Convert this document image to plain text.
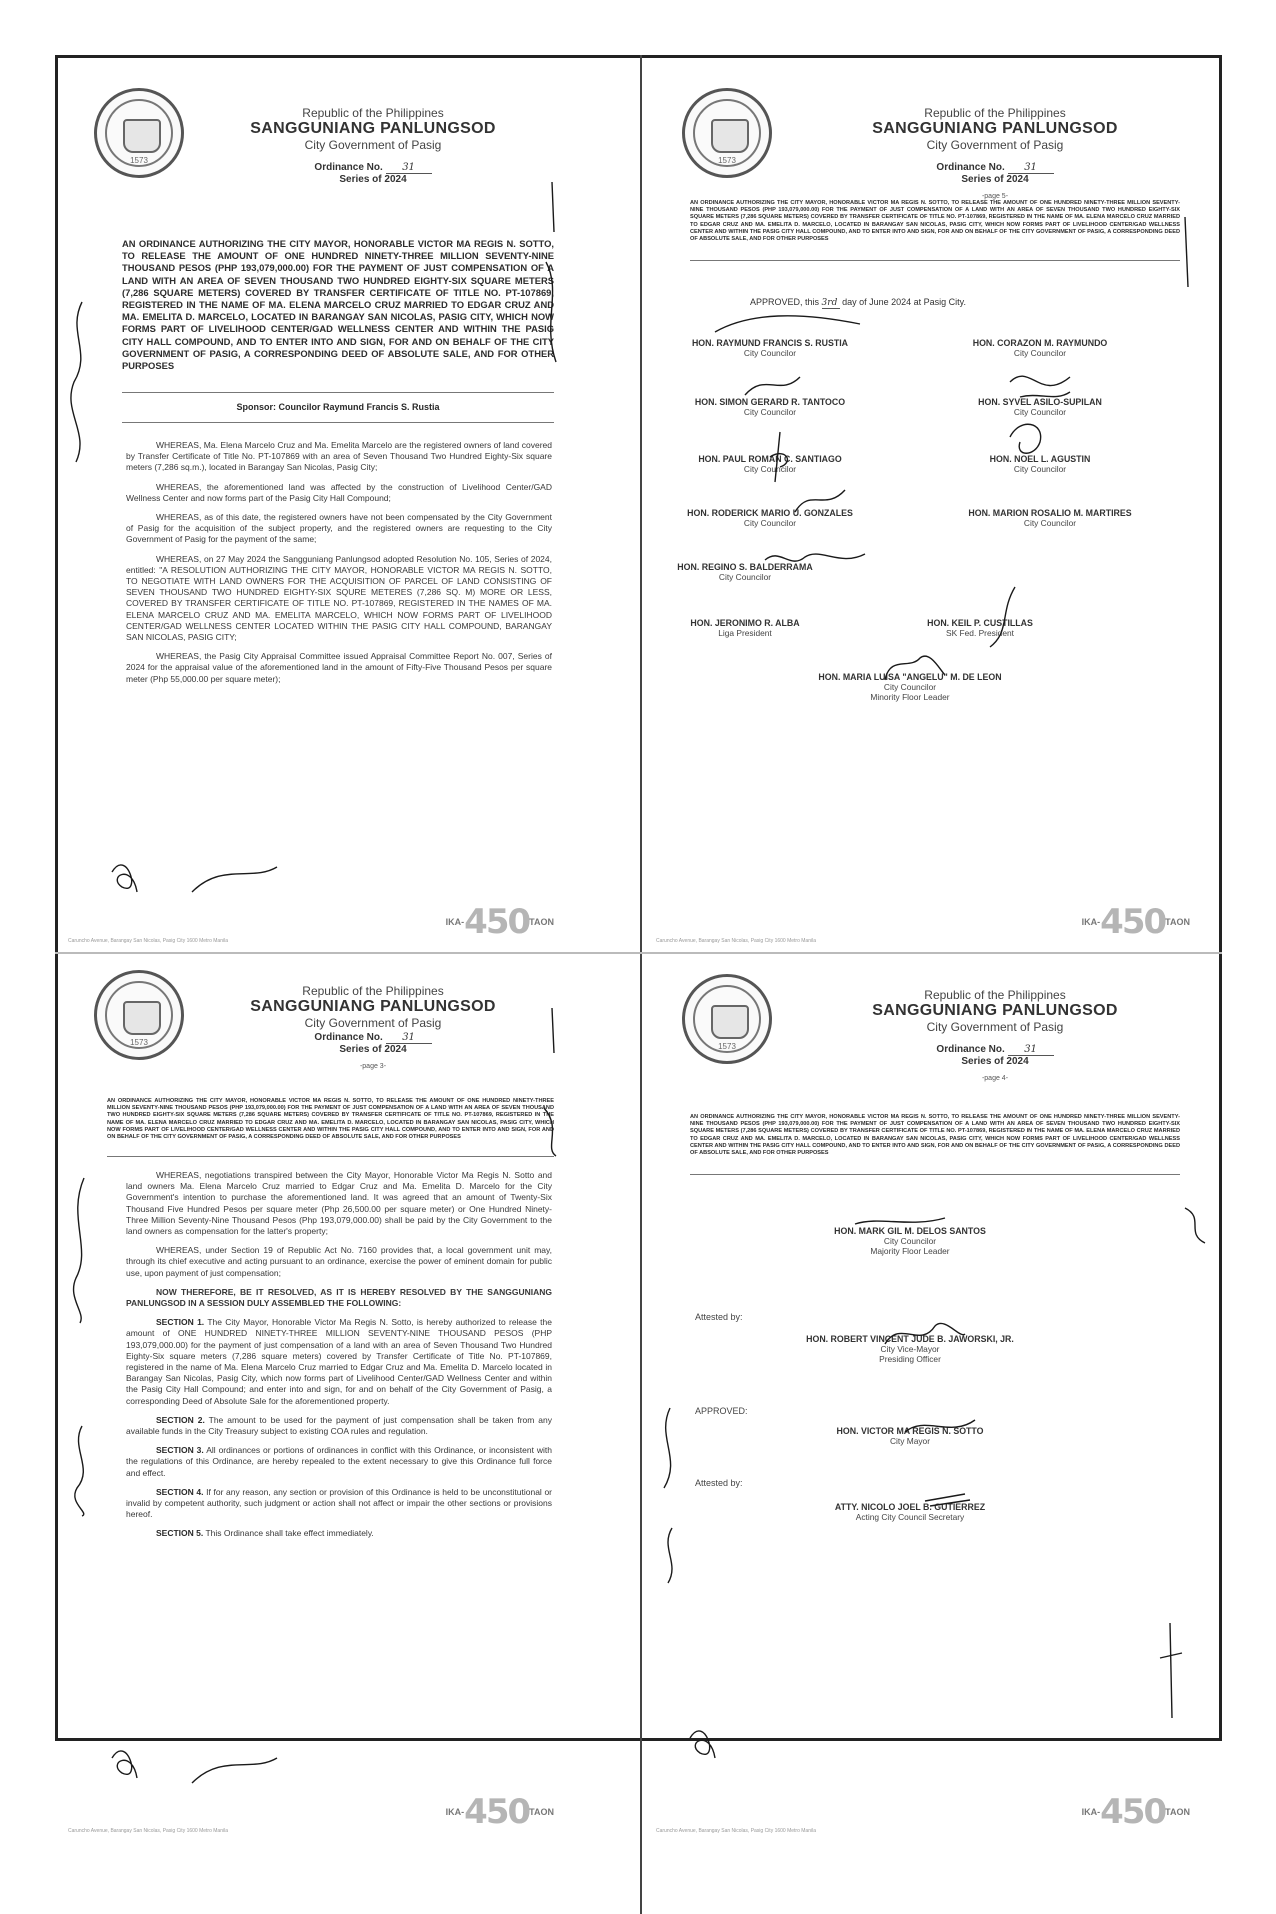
1573
Republic of the Philippines
SANGGUNIANG PANLUNGSOD
City Government of Pasig
Ordinance No. 31
Series of 2024
AN ORDINANCE AUTHORIZING THE CITY MAYOR, HONORABLE VICTOR MA REGIS N. SOTTO, TO RELEASE THE AMOUNT OF ONE HUNDRED NINETY-THREE MILLION SEVENTY-NINE THOUSAND PESOS (PHP 193,079,000.00) FOR THE PAYMENT OF JUST COMPENSATION OF A LAND WITH AN AREA OF SEVEN THOUSAND TWO HUNDRED EIGHTY-SIX SQUARE METERS (7,286 SQUARE METERS) COVERED BY TRANSFER CERTIFICATE OF TITLE NO. PT-107869, REGISTERED IN THE NAME OF MA. ELENA MARCELO CRUZ MARRIED TO EDGAR CRUZ AND MA. EMELITA D. MARCELO, LOCATED IN BARANGAY SAN NICOLAS, PASIG CITY, WHICH NOW FORMS PART OF LIVELIHOOD CENTER/GAD WELLNESS CENTER AND WITHIN THE PASIG CITY HALL COMPOUND, AND TO ENTER INTO AND SIGN, FOR AND ON BEHALF OF THE CITY GOVERNMENT OF PASIG, A CORRESPONDING DEED OF ABSOLUTE SALE, AND FOR OTHER PURPOSES
Sponsor: Councilor Raymund Francis S. Rustia

WHEREAS, Ma. Elena Marcelo Cruz and Ma. Emelita Marcelo are the registered owners of land covered by Transfer Certificate of Title No. PT-107869 with an area of Seven Thousand Two Hundred Eighty-Six square meters (7,286 sq.m.), located in Barangay San Nicolas, Pasig City;

WHEREAS, the aforementioned land was affected by the construction of Livelihood Center/GAD Wellness Center and now forms part of the Pasig City Hall Compound;

WHEREAS, as of this date, the registered owners have not been compensated by the City Government of Pasig for the acquisition of the subject property, and the registered owners are requesting to the City Government of Pasig for the payment of the same;

WHEREAS, on 27 May 2024 the Sangguniang Panlungsod adopted Resolution No. 105, Series of 2024, entitled: "A RESOLUTION AUTHORIZING THE CITY MAYOR, HONORABLE VICTOR MA REGIS N. SOTTO, TO NEGOTIATE WITH LAND OWNERS FOR THE ACQUISITION OF PARCEL OF LAND CONSISTING OF SEVEN THOUSAND TWO HUNDRED EIGHTY-SIX SQURE METERES (7,286 SQ. M) MORE OR LESS, COVERED BY TRANSFER CERTIFICATE OF TITLE NO. PT-107869, REGISTERED IN THE NAMES OF MA. ELENA MARCELO CRUZ AND MA. EMELITA MARCELO, WHICH NOW FORMS PART OF LIVELIHOOD CENTER/GAD WELLNESS CENTER LOCATED WITHIN THE PASIG CITY HALL COMPOUND, BARANGAY SAN NICOLAS, PASIG CITY;

WHEREAS, the Pasig City Appraisal Committee issued Appraisal Committee Report No. 007, Series of 2024 for the appraisal value of the aforementioned land in the amount of Fifty-Five Thousand Pesos per square meter (Php 55,000.00 per square meter);

Caruncho Avenue, Barangay San Nicolas, Pasig City 1600 Metro Manila
IKA-450TAON
1573
Republic of the Philippines
SANGGUNIANG PANLUNGSOD
City Government of Pasig
Ordinance No. 31
Series of 2024
-page 5-
AN ORDINANCE AUTHORIZING THE CITY MAYOR, HONORABLE VICTOR MA REGIS N. SOTTO, TO RELEASE THE AMOUNT OF ONE HUNDRED NINETY-THREE MILLION SEVENTY-NINE THOUSAND PESOS (PHP 193,079,000.00) FOR THE PAYMENT OF JUST COMPENSATION OF A LAND WITH AN AREA OF SEVEN THOUSAND TWO HUNDRED EIGHTY-SIX SQUARE METERS (7,286 SQUARE METERS) COVERED BY TRANSFER CERTIFICATE OF TITLE NO. PT-107869, REGISTERED IN THE NAME OF MA. ELENA MARCELO CRUZ MARRIED TO EDGAR CRUZ AND MA. EMELITA D. MARCELO, LOCATED IN BARANGAY SAN NICOLAS, PASIG CITY, WHICH NOW FORMS PART OF LIVELIHOOD CENTER/GAD WELLNESS CENTER AND WITHIN THE PASIG CITY HALL COMPOUND, AND TO ENTER INTO AND SIGN, FOR AND ON BEHALF OF THE CITY GOVERNMENT OF PASIG, A CORRESPONDING DEED OF ABSOLUTE SALE, AND FOR OTHER PURPOSES
APPROVED, this 3rd day of June 2024 at Pasig City.
HON. RAYMUND FRANCIS S. RUSTIA
City Councilor
HON. CORAZON M. RAYMUNDO
City Councilor
HON. SIMON GERARD R. TANTOCO
City Councilor
HON. SYVEL ASILO-SUPILAN
City Councilor
HON. PAUL ROMAN C. SANTIAGO
City Councilor
HON. NOEL L. AGUSTIN
City Councilor
HON. RODERICK MARIO U. GONZALES
City Councilor
HON. MARION ROSALIO M. MARTIRES
City Councilor
HON. REGINO S. BALDERRAMA
City Councilor
HON. JERONIMO R. ALBA
Liga President
HON. KEIL P. CUSTILLAS
SK Fed. President
HON. MARIA LUISA "ANGELU" M. DE LEON
City Councilor
Minority Floor Leader
Caruncho Avenue, Barangay San Nicolas, Pasig City 1600 Metro Manila
IKA-450TAON
1573
Republic of the Philippines
SANGGUNIANG PANLUNGSOD
City Government of Pasig
Ordinance No. 31
Series of 2024
-page 3-
AN ORDINANCE AUTHORIZING THE CITY MAYOR, HONORABLE VICTOR MA REGIS N. SOTTO, TO RELEASE THE AMOUNT OF ONE HUNDRED NINETY-THREE MILLION SEVENTY-NINE THOUSAND PESOS (PHP 193,079,000.00) FOR THE PAYMENT OF JUST COMPENSATION OF A LAND WITH AN AREA OF SEVEN THOUSAND TWO HUNDRED EIGHTY-SIX SQUARE METERS (7,286 SQUARE METERS) COVERED BY TRANSFER CERTIFICATE OF TITLE NO. PT-107869, REGISTERED IN THE NAME OF MA. ELENA MARCELO CRUZ MARRIED TO EDGAR CRUZ AND MA. EMELITA D. MARCELO, LOCATED IN BARANGAY SAN NICOLAS, PASIG CITY, WHICH NOW FORMS PART OF LIVELIHOOD CENTER/GAD WELLNESS CENTER AND WITHIN THE PASIG CITY HALL COMPOUND, AND TO ENTER INTO AND SIGN, FOR AND ON BEHALF OF THE CITY GOVERNMENT OF PASIG, A CORRESPONDING DEED OF ABSOLUTE SALE, AND FOR OTHER PURPOSES

WHEREAS, negotiations transpired between the City Mayor, Honorable Victor Ma Regis N. Sotto and land owners Ma. Elena Marcelo Cruz married to Edgar Cruz and Ma. Emelita D. Marcelo for the City Government's intention to purchase the aforementioned land. It was agreed that an amount of Twenty-Six Thousand Five Hundred Pesos per square meter (Php 26,500.00 per square meter) or One Hundred Ninety-Three Million Seventy-Nine Thousand Pesos (Php 193,079,000.00) shall be paid by the City Government to the land owners as compensation for the latter's property;

WHEREAS, under Section 19 of Republic Act No. 7160 provides that, a local government unit may, through its chief executive and acting pursuant to an ordinance, exercise the power of eminent domain for public use, upon payment of just compensation;

NOW THEREFORE, BE IT RESOLVED, AS IT IS HEREBY RESOLVED BY THE SANGGUNIANG PANLUNGSOD IN A SESSION DULY ASSEMBLED THE FOLLOWING:

SECTION 1. The City Mayor, Honorable Victor Ma Regis N. Sotto, is hereby authorized to release the amount of ONE HUNDRED NINETY-THREE MILLION SEVENTY-NINE THOUSAND PESOS (PHP 193,079,000.00) for the payment of just compensation of a land with an area of Seven Thousand Two Hundred Eighty-Six square meters (7,286 square meters) covered by Transfer Certificate of Title No. PT-107869, registered in the name of Ma. Elena Marcelo Cruz married to Edgar Cruz and Ma. Emelita D. Marcelo located in Barangay San Nicolas, Pasig City, which now forms part of Livelihood Center/GAD Wellness Center and within the Pasig City Hall Compound; and enter into and sign, for and on behalf of the City Government of Pasig, a corresponding Deed of Absolute Sale for the aforementioned property.

SECTION 2. The amount to be used for the payment of just compensation shall be taken from any available funds in the City Treasury subject to existing COA rules and regulation.

SECTION 3. All ordinances or portions of ordinances in conflict with this Ordinance, or inconsistent with the regulations of this Ordinance, are hereby repealed to the extent necessary to give this Ordinance full force and effect.

SECTION 4. If for any reason, any section or provision of this Ordinance is held to be unconstitutional or invalid by competent authority, such judgment or action shall not affect or impair the other sections or provisions hereof.

SECTION 5. This Ordinance shall take effect immediately.

Caruncho Avenue, Barangay San Nicolas, Pasig City 1600 Metro Manila
IKA-450TAON
1573
Republic of the Philippines
SANGGUNIANG PANLUNGSOD
City Government of Pasig
Ordinance No. 31
Series of 2024
-page 4-
AN ORDINANCE AUTHORIZING THE CITY MAYOR, HONORABLE VICTOR MA REGIS N. SOTTO, TO RELEASE THE AMOUNT OF ONE HUNDRED NINETY-THREE MILLION SEVENTY-NINE THOUSAND PESOS (PHP 193,079,000.00) FOR THE PAYMENT OF JUST COMPENSATION OF A LAND WITH AN AREA OF SEVEN THOUSAND TWO HUNDRED EIGHTY-SIX SQUARE METERS (7,286 SQUARE METERS) COVERED BY TRANSFER CERTIFICATE OF TITLE NO. PT-107869, REGISTERED IN THE NAME OF MA. ELENA MARCELO CRUZ MARRIED TO EDGAR CRUZ AND MA. EMELITA D. MARCELO, LOCATED IN BARANGAY SAN NICOLAS, PASIG CITY, WHICH NOW FORMS PART OF LIVELIHOOD CENTER/GAD WELLNESS CENTER AND WITHIN THE PASIG CITY HALL COMPOUND, AND TO ENTER INTO AND SIGN, FOR AND ON BEHALF OF THE CITY GOVERNMENT OF PASIG, A CORRESPONDING DEED OF ABSOLUTE SALE, AND FOR OTHER PURPOSES
HON. MARK GIL M. DELOS SANTOS
City Councilor
Majority Floor Leader
Attested by:
HON. ROBERT VINCENT JUDE B. JAWORSKI, JR.
City Vice-Mayor
Presiding Officer
APPROVED:
HON. VICTOR MA REGIS N. SOTTO
City Mayor
Attested by:
ATTY. NICOLO JOEL B. GUTIERREZ
Acting City Council Secretary
Caruncho Avenue, Barangay San Nicolas, Pasig City 1600 Metro Manila
IKA-450TAON
